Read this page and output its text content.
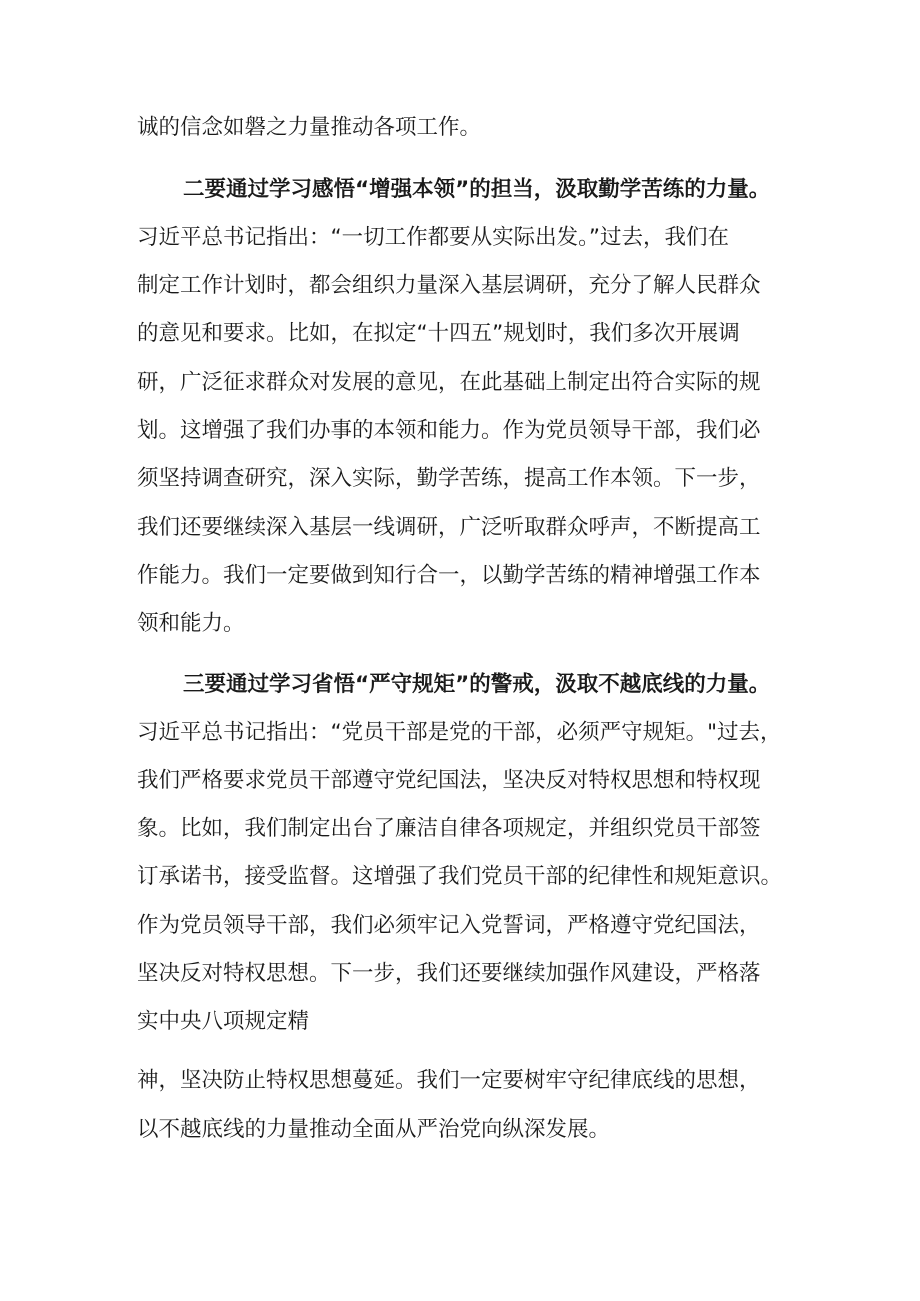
诚的信念如磐之力量推动各项工作。
二要通过学习感悟“增强本领”的担当，汲取勤学苦练的力量。
习近平总书记指出：“一切工作都要从实际出发。”过去，我们在
制定工作计划时，都会组织力量深入基层调研，充分了解人民群众
的意见和要求。比如，在拟定“十四五”规划时，我们多次开展调
研，广泛征求群众对发展的意见，在此基础上制定出符合实际的规
划。这增强了我们办事的本领和能力。作为党员领导干部，我们必
须坚持调查研究，深入实际，勤学苦练，提高工作本领。下一步，
我们还要继续深入基层一线调研，广泛听取群众呼声，不断提高工
作能力。我们一定要做到知行合一，以勤学苦练的精神增强工作本
领和能力。
三要通过学习省悟“严守规矩”的警戒，汲取不越底线的力量。
习近平总书记指出：“党员干部是党的干部，必须严守规矩。"过去，
我们严格要求党员干部遵守党纪国法，坚决反对特权思想和特权现
象。比如，我们制定出台了廉洁自律各项规定，并组织党员干部签
订承诺书，接受监督。这增强了我们党员干部的纪律性和规矩意识。
作为党员领导干部，我们必须牢记入党誓词，严格遵守党纪国法，
坚决反对特权思想。下一步，我们还要继续加强作风建设，严格落
实中央八项规定精
神，坚决防止特权思想蔓延。我们一定要树牢守纪律底线的思想，
以不越底线的力量推动全面从严治党向纵深发展。
